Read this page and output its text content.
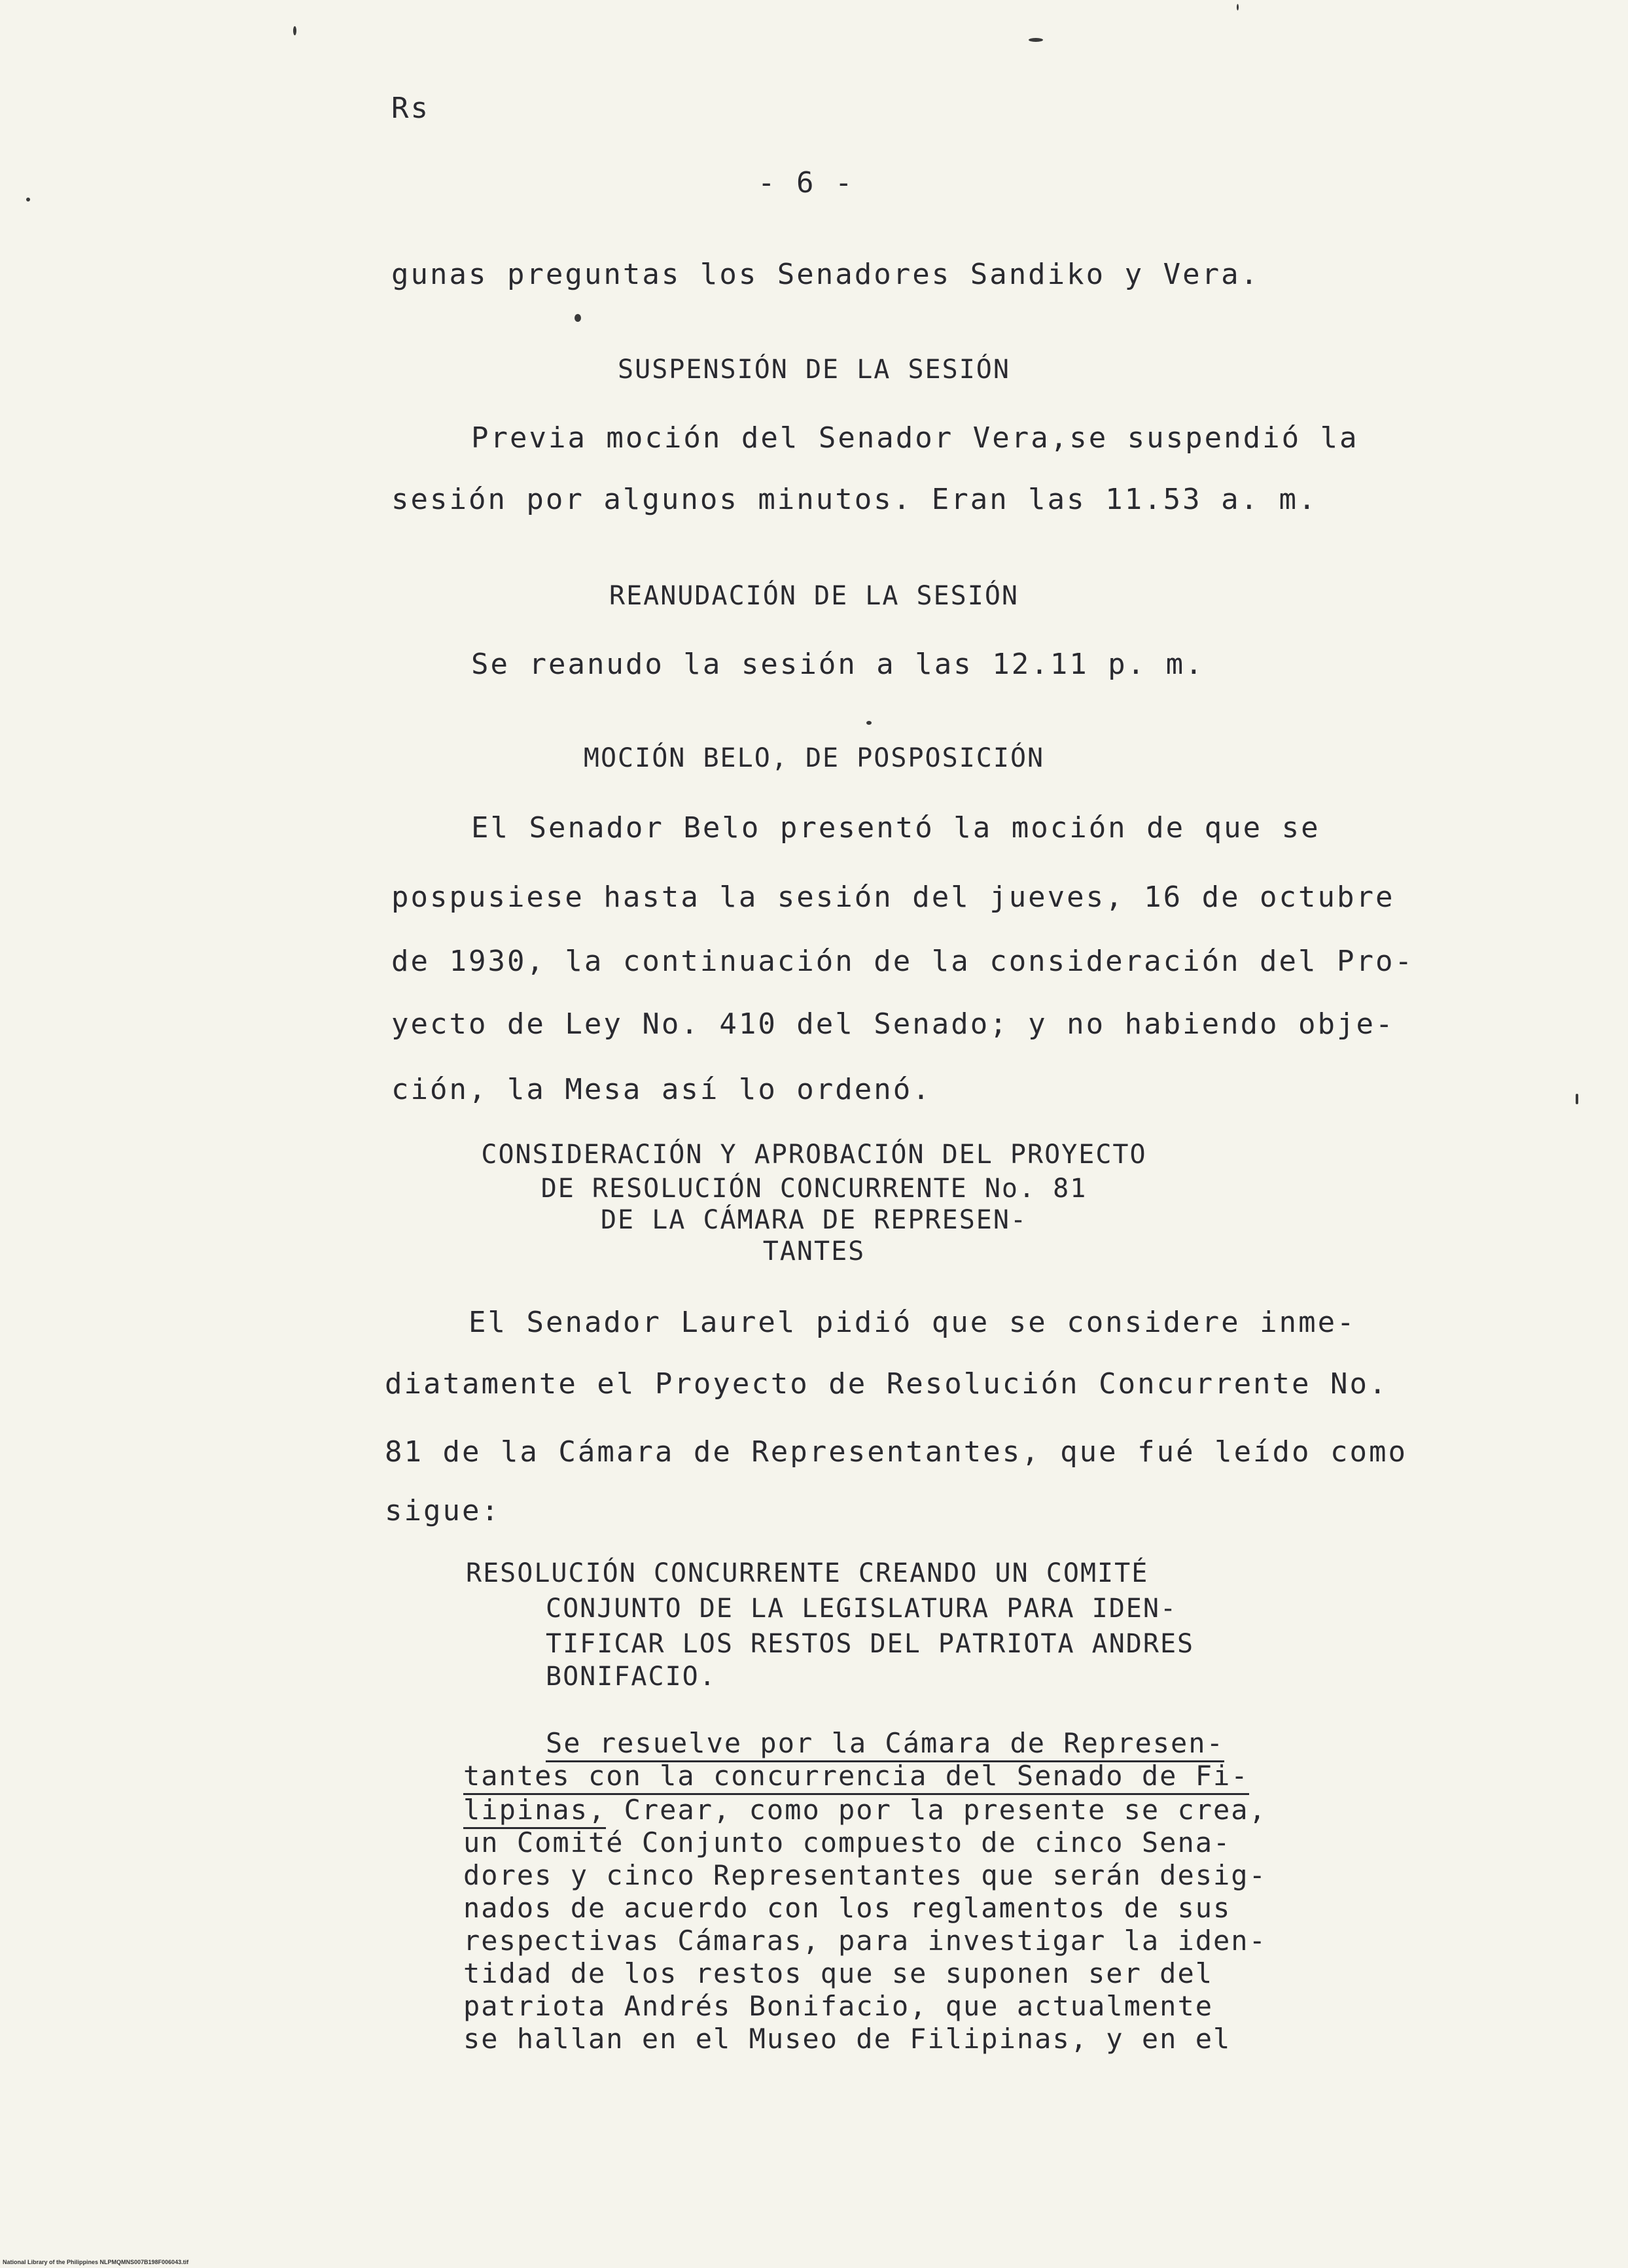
Rs
- 6 -
gunas preguntas los Senadores Sandiko y Vera.
SUSPENSIÓN DE LA SESIÓN
Previa moción del Senador Vera,se suspendió la
sesión por algunos minutos. Eran las 11.53 a. m.
REANUDACIÓN DE LA SESIÓN
Se reanudo la sesión a las 12.11 p. m.
MOCIÓN BELO, DE POSPOSICIÓN
El Senador Belo presentó la moción de que se
pospusiese hasta la sesión del jueves, 16 de octubre
de 1930, la continuación de la consideración del Pro-
yecto de Ley No. 410 del Senado; y no habiendo obje-
ción, la Mesa así lo ordenó.
CONSIDERACIÓN Y APROBACIÓN DEL PROYECTO
DE RESOLUCIÓN CONCURRENTE No. 81
DE LA CÁMARA DE REPRESEN-
TANTES
El Senador Laurel pidió que se considere inme-
diatamente el Proyecto de Resolución Concurrente No.
81 de la Cámara de Representantes, que fué leído como
sigue:
RESOLUCIÓN CONCURRENTE CREANDO UN COMITÉ
CONJUNTO DE LA LEGISLATURA PARA IDEN-
TIFICAR LOS RESTOS DEL PATRIOTA ANDRES
BONIFACIO.
Se resuelve por la Cámara de Represen-
tantes con la concurrencia del Senado de Fi-
lipinas, Crear, como por la presente se crea,
un Comité Conjunto compuesto de cinco Sena-
dores y cinco Representantes que serán desig-
nados de acuerdo con los reglamentos de sus
respectivas Cámaras, para investigar la iden-
tidad de los restos que se suponen ser del
patriota Andrés Bonifacio, que actualmente
se hallan en el Museo de Filipinas, y en el
National Library of the Philippines NLPMQMNS007B198F006043.tif
